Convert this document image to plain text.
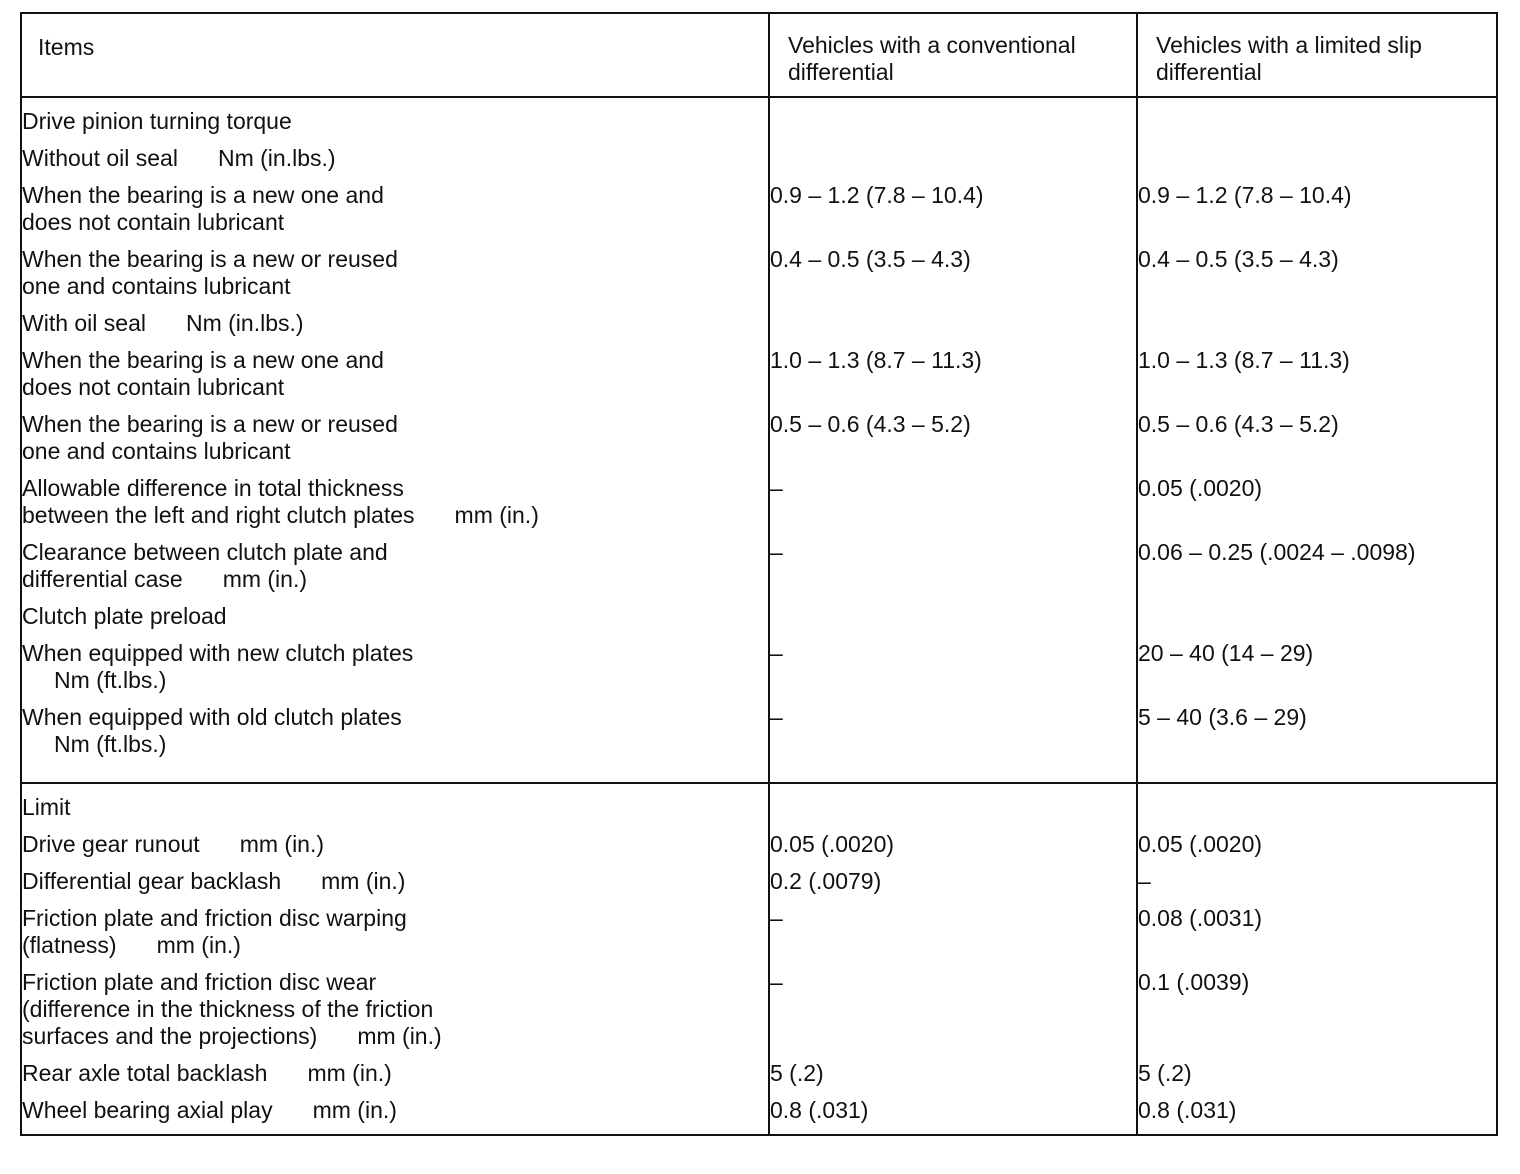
Items	Vehicles with a conventional differential	Vehicles with a limited slip differential

Drive pinion turning torque		

Without oil seal Nm (in.lbs.)		

When the bearing is a new one and
does not contain lubricant	0.9 – 1.2 (7.8 – 10.4)	0.9 – 1.2 (7.8 – 10.4)

When the bearing is a new or reused
one and contains lubricant	0.4 – 0.5 (3.5 – 4.3)	0.4 – 0.5 (3.5 – 4.3)

With oil seal Nm (in.lbs.)		

When the bearing is a new one and
does not contain lubricant	1.0 – 1.3 (8.7 – 11.3)	1.0 – 1.3 (8.7 – 11.3)

When the bearing is a new or reused
one and contains lubricant	0.5 – 0.6 (4.3 – 5.2)	0.5 – 0.6 (4.3 – 5.2)

Allowable difference in total thickness
between the left and right clutch plates mm (in.)	–	0.05 (.0020)

Clearance between clutch plate and
differential case mm (in.)	–	0.06 – 0.25 (.0024 – .0098)

Clutch plate preload		

When equipped with new clutch plates
Nm (ft.lbs.)	–	20 – 40 (14 – 29)

When equipped with old clutch plates
Nm (ft.lbs.)	–	5 – 40 (3.6 – 29)

Limit		

Drive gear runout mm (in.)	0.05 (.0020)	0.05 (.0020)

Differential gear backlash mm (in.)	0.2 (.0079)	–

Friction plate and friction disc warping
(flatness) mm (in.)	–	0.08 (.0031)

Friction plate and friction disc wear
(difference in the thickness of the friction
surfaces and the projections) mm (in.)	–	0.1 (.0039)

Rear axle total backlash mm (in.)	5 (.2)	5 (.2)

Wheel bearing axial play mm (in.)	0.8 (.031)	0.8 (.031)
